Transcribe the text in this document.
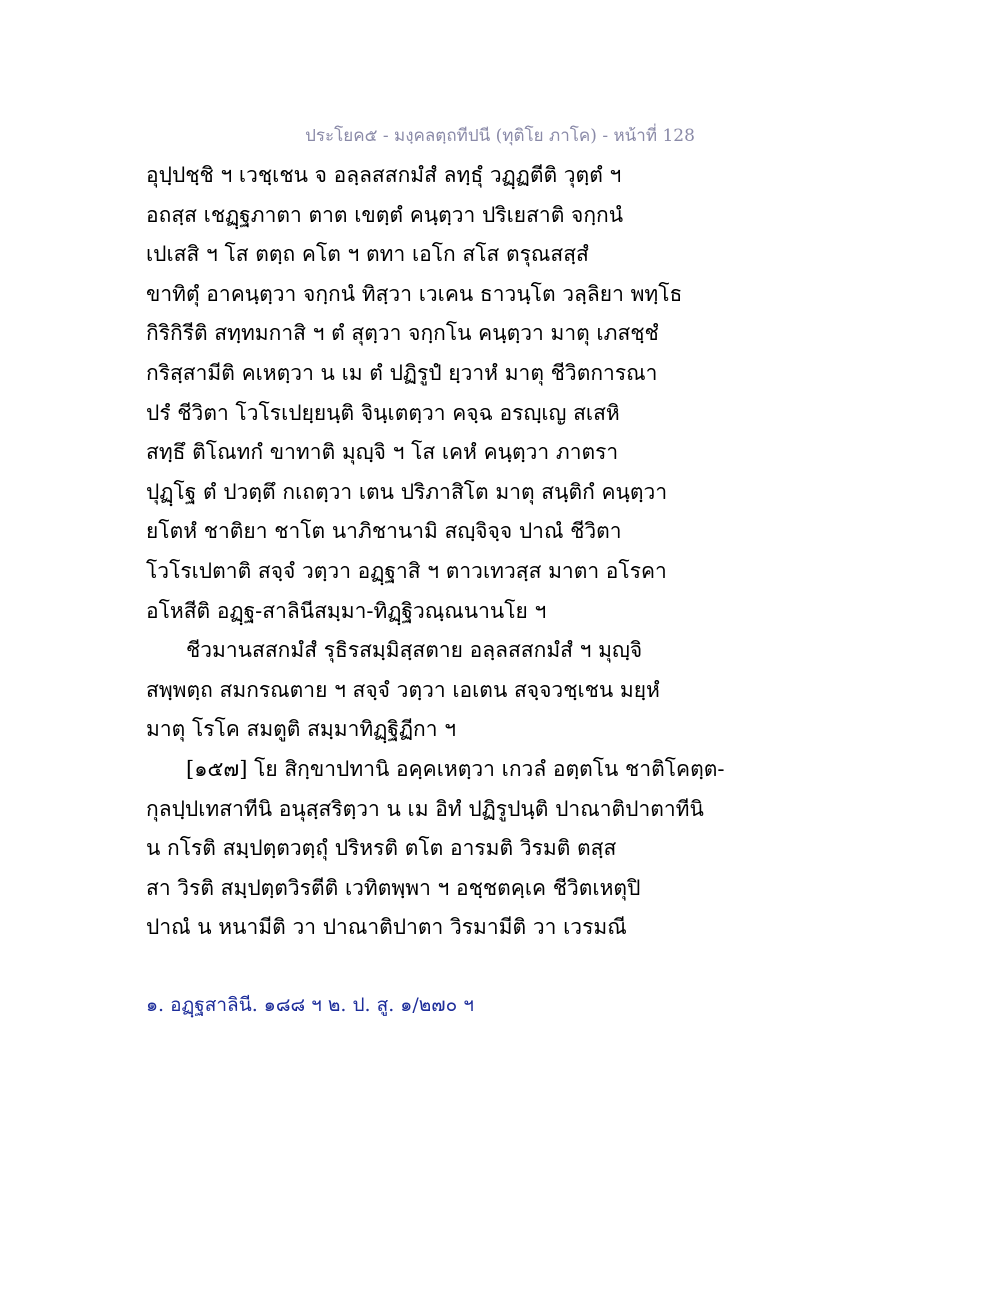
ประโยค๕ - มงฺคลตฺถทีปนี (ทุติโย ภาโค) - หน้าที่ 128
อุปฺปชฺชิ ฯ เวชฺเชน จ อลฺลสสกมํสํ ลทฺธุํ วฏฺฏตีติ วุตฺตํ ฯ
อถสฺส เชฏฺฐภาตา ตาต เขตฺตํ คนฺตฺวา ปริเยสาติ จกฺกนํ
เปเสสิ ฯ โส ตตฺถ คโต ฯ ตทา เอโก สโส ตรุณสสฺสํ
ขาทิตุํ อาคนฺตฺวา จกฺกนํ ทิสฺวา เวเคน ธาวนฺโต วลฺลิยา พทฺโธ
กิริกิรีติ สทฺทมกาสิ ฯ ตํ สุตฺวา จกฺกโน คนฺตฺวา มาตุ เภสชฺชํ
กริสฺสามีติ คเหตฺวา น เม ตํ ปฏิรูปํ ยฺวาหํ มาตุ ชีวิตการณา
ปรํ ชีวิตา โวโรเปยฺยนฺติ จินฺเตตฺวา คจฺฉ อรญฺเญ สเสหิ
สทฺธึ ติโณทกํ ขาทาติ มุญฺจิ ฯ โส เคหํ คนฺตฺวา ภาตรา
ปุฏฺโฐ ตํ ปวตฺตึ กเถตฺวา เตน ปริภาสิโต มาตุ สนฺติกํ คนฺตฺวา
ยโตหํ ชาติยา ชาโต นาภิชานามิ สญฺจิจฺจ ปาณํ ชีวิตา
โวโรเปตาติ สจฺจํ วตฺวา อฏฺฐาสิ ฯ ตาวเทวสฺส มาตา อโรคา
อโหสีติ อฏฺฐ-สาลินีสมฺมา-ทิฏฺฐิวณฺณนานโย ฯ
ชีวมานสสกมํสํ รุธิรสมฺมิสฺสตาย อลฺลสสกมํสํ ฯ มุญฺจิ
สพฺพตฺถ สมกรณตาย ฯ สจฺจํ วตฺวา เอเตน สจฺจวชฺเชน มยฺหํ
มาตุ โรโค สมตูติ สมฺมาทิฏฺฐิฏีกา ฯ
[๑๕๗] โย สิกฺขาปทานิ อคฺคเหตฺวา เกวลํ อตฺตโน ชาติโคตฺต-
กุลปฺปเทสาทีนิ อนุสฺสริตฺวา น เม อิทํ ปฏิรูปนฺติ ปาณาติปาตาทีนิ
น กโรติ สมฺปตฺตวตฺถุํ ปริหรติ ตโต อารมติ วิรมติ ตสฺส
สา วิรติ สมฺปตฺตวิรตีติ เวทิตพฺพา ฯ อชฺชตคฺเค ชีวิตเหตุปิ
ปาณํ น หนามีติ วา ปาณาติปาตา วิรมามีติ วา เวรมณี
๑. อฏฺฐสาลินี. ๑๘๘ ฯ ๒. ป. สู. ๑/๒๗๐ ฯ
